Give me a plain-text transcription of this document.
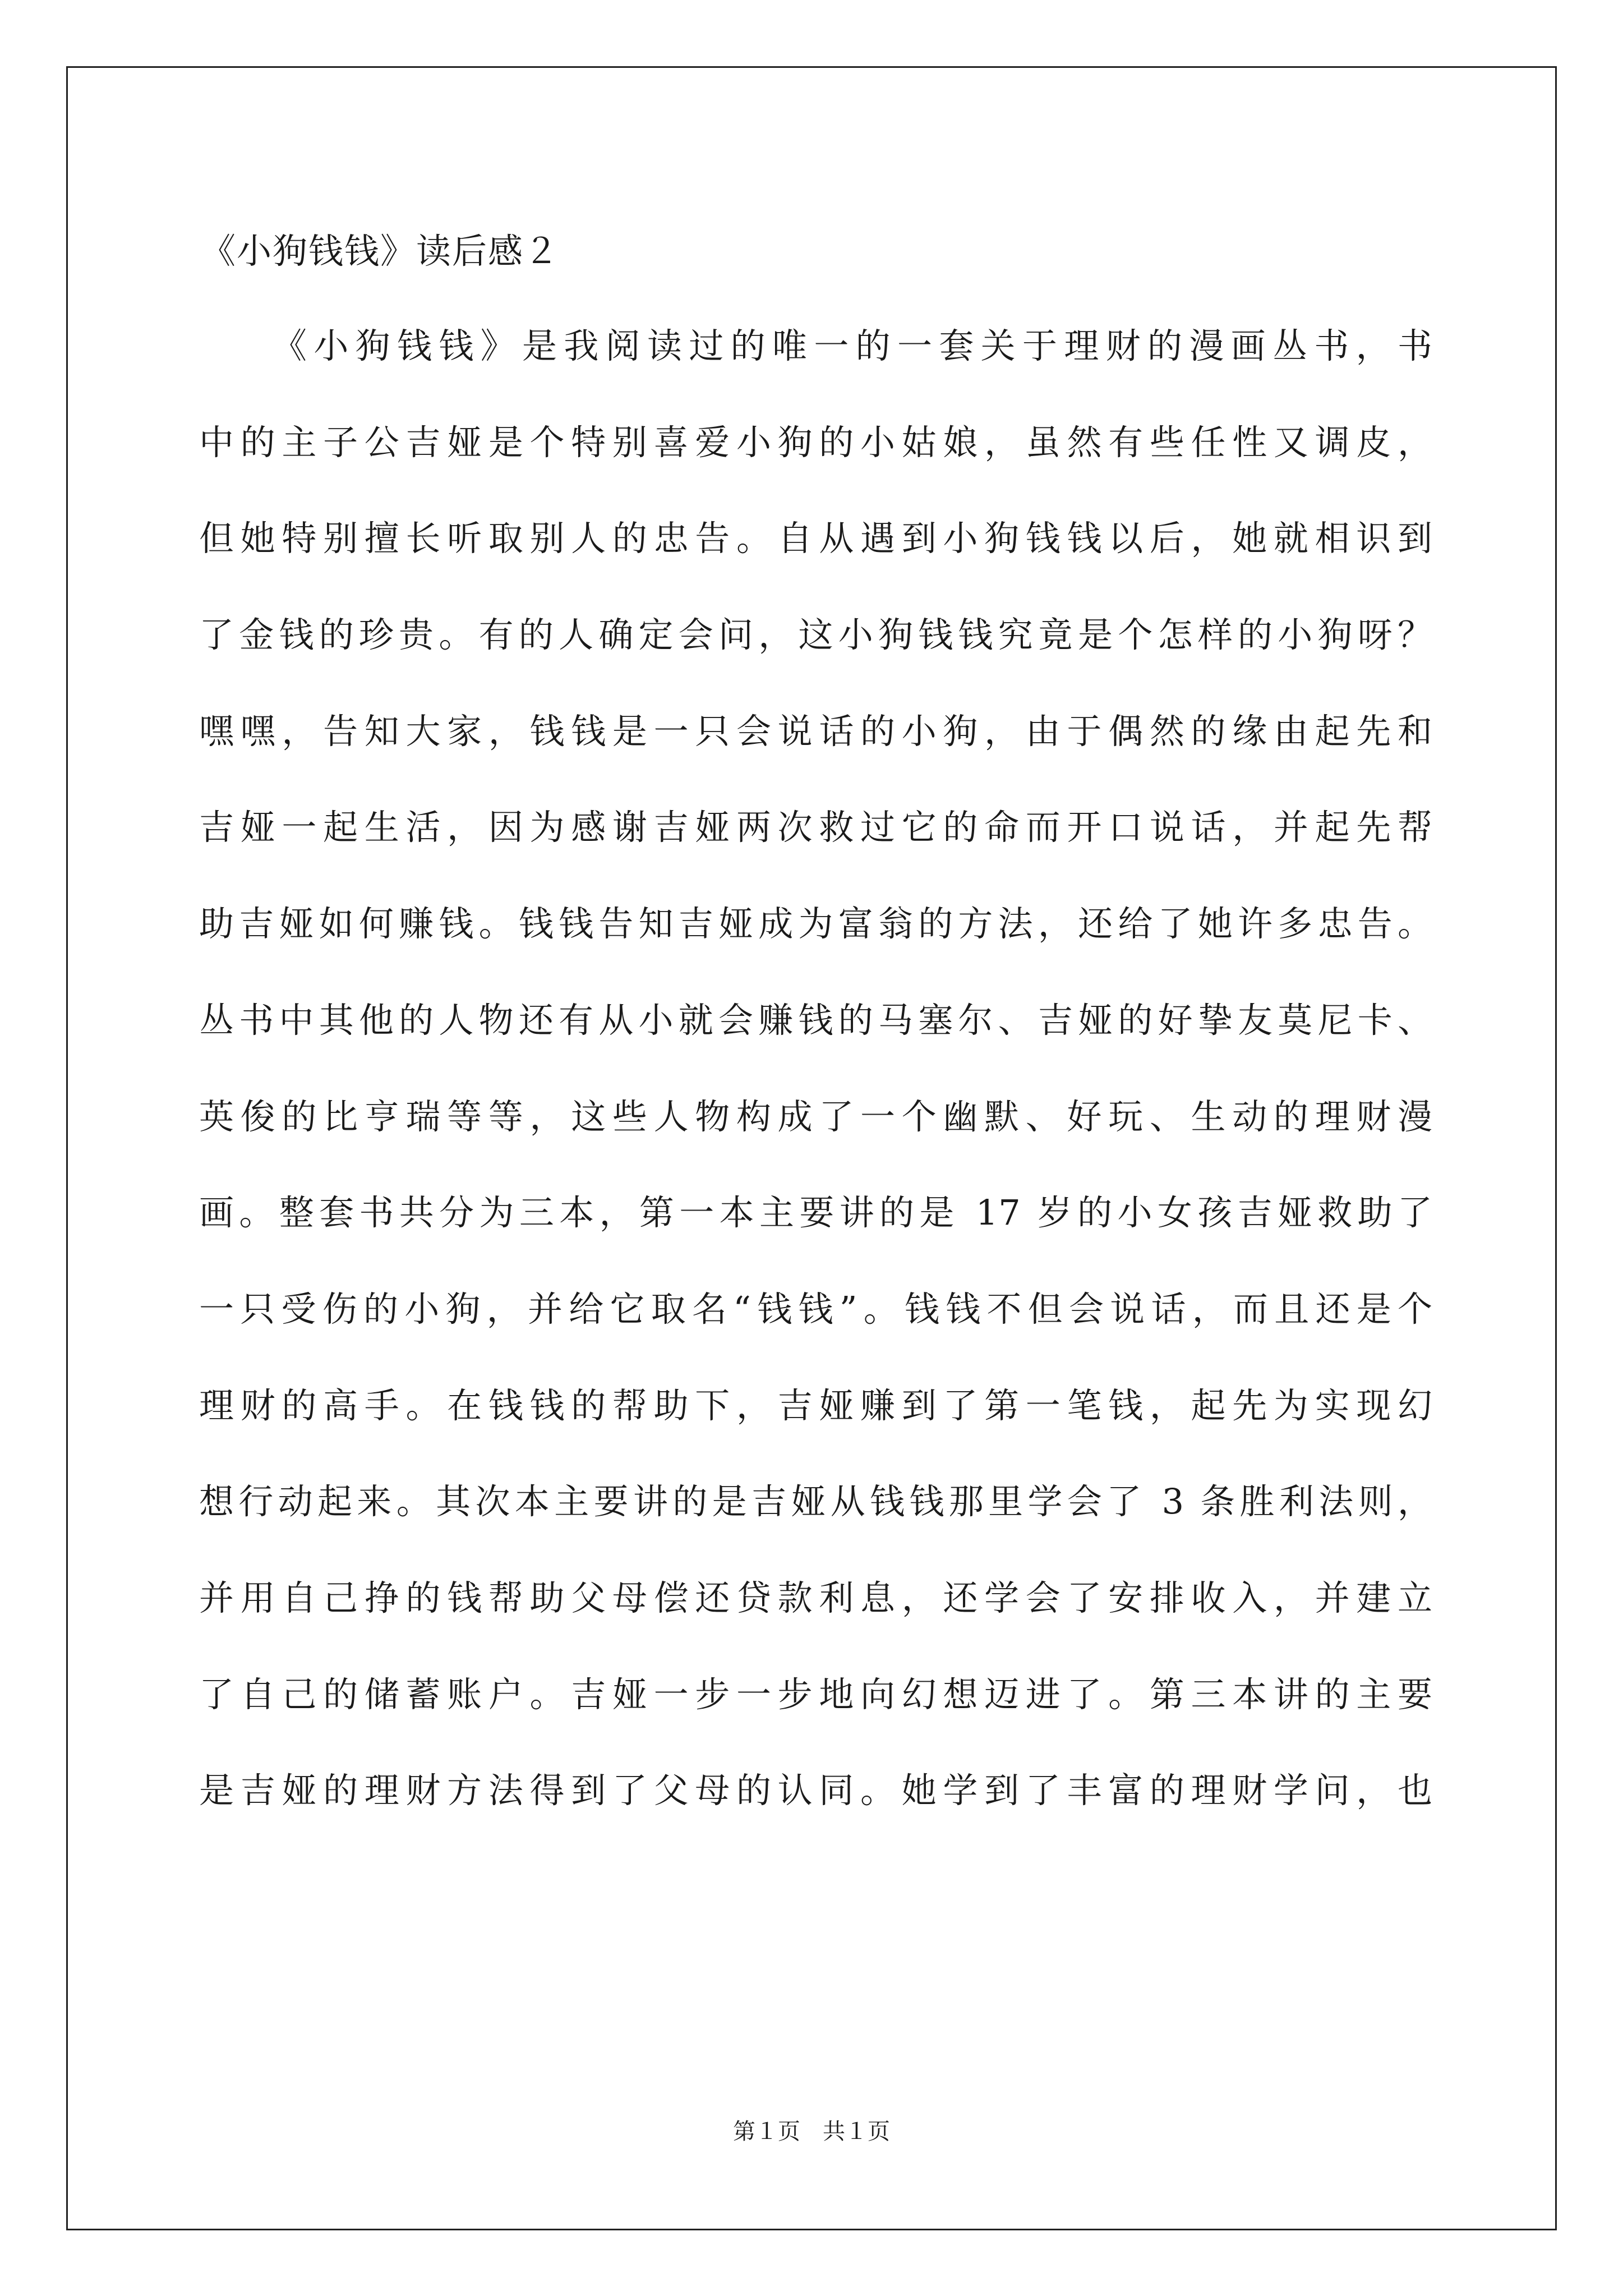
《小狗钱钱》读后感２
《小狗钱钱》是我阅读过的唯一的一套关于理财的漫画丛书，书
中的主子公吉娅是个特别喜爱小狗的小姑娘，虽然有些任性又调皮，
但她特别擅长听取别人的忠告。自从遇到小狗钱钱以后，她就相识到
了金钱的珍贵。有的人确定会问，这小狗钱钱究竟是个怎样的小狗呀？
嘿嘿，告知大家，钱钱是一只会说话的小狗，由于偶然的缘由起先和
吉娅一起生活，因为感谢吉娅两次救过它的命而开口说话，并起先帮
助吉娅如何赚钱。钱钱告知吉娅成为富翁的方法，还给了她许多忠告。
丛书中其他的人物还有从小就会赚钱的马塞尔、吉娅的好挚友莫尼卡、
英俊的比亨瑞等等，这些人物构成了一个幽默、好玩、生动的理财漫
画。整套书共分为三本，第一本主要讲的是 17 岁的小女孩吉娅救助了
一只受伤的小狗，并给它取名“钱钱”。钱钱不但会说话，而且还是个
理财的高手。在钱钱的帮助下，吉娅赚到了第一笔钱，起先为实现幻
想行动起来。其次本主要讲的是吉娅从钱钱那里学会了 3 条胜利法则，
并用自己挣的钱帮助父母偿还贷款利息，还学会了安排收入，并建立
了自己的储蓄账户。吉娅一步一步地向幻想迈进了。第三本讲的主要
是吉娅的理财方法得到了父母的认同。她学到了丰富的理财学问，也
第１页　共１页
